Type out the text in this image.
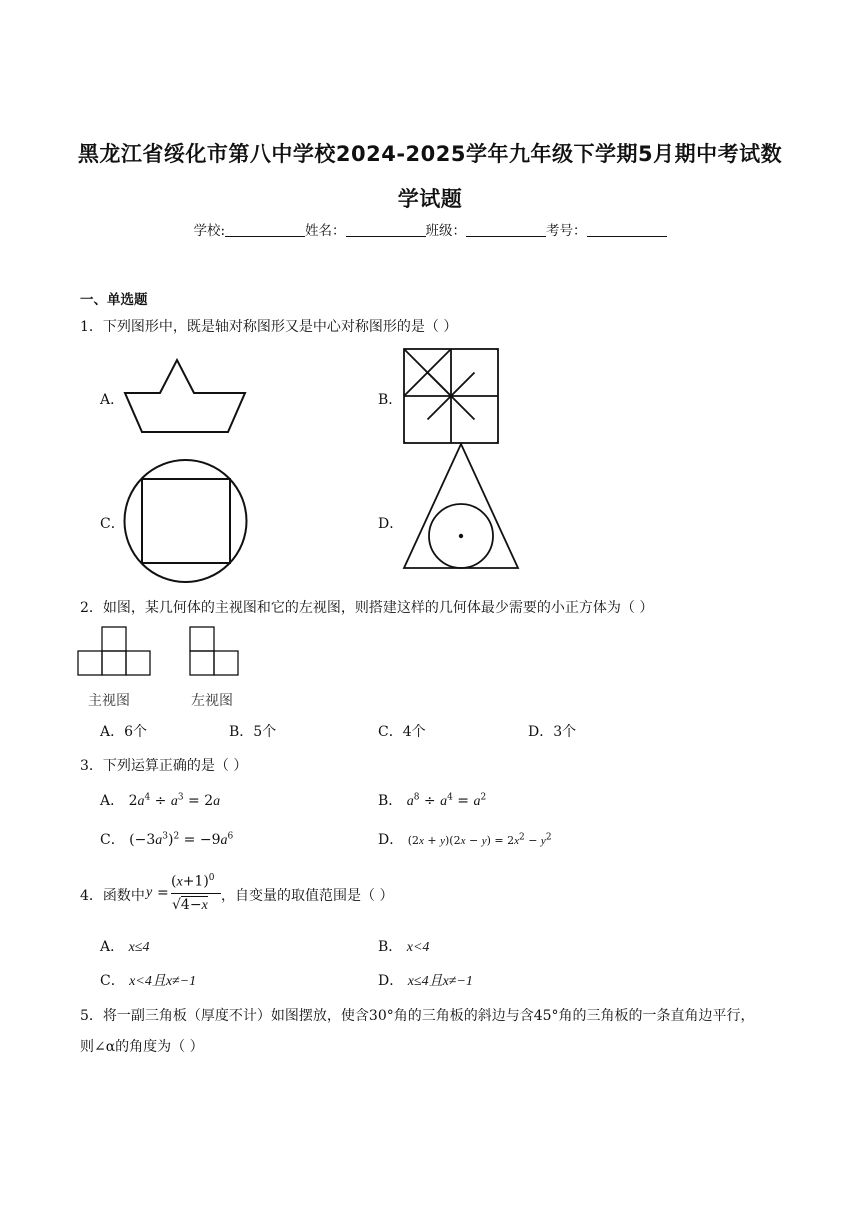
黑龙江省绥化市第八中学校2024-2025学年九年级下学期5月期中考试数
学试题
学校:	姓名：	班级：	考号：
一、单选题
1．下列图形中，既是轴对称图形又是中心对称图形的是（ ）
A．	B．
C．	D．
2．如图，某几何体的主视图和它的左视图，则搭建这样的几何体最少需要的小正方体为（ ）
主视图	左视图
A．6个	B．5个	C．4个	D．3个
3．下列运算正确的是（ ）
A． $2a^4 \div a^3 = 2a$	B． $a^8 \div a^4 = a^2$
C． $(-3a^3)^2 = -9a^6$	D． $(2x + y)(2x - y) = 2x^2 - y^2$
4．函数中 y =
$(x+1)^0$
√4−x
，自变量的取值范围是（ ）
A． x≤4	B． x<4
C． x<4且x≠−1	D． x≤4且x≠−1
5．将一副三角板（厚度不计）如图摆放，使含30°角的三角板的斜边与含45°角的三角板的一条直角边平行，
则∠α的角度为（ ）
